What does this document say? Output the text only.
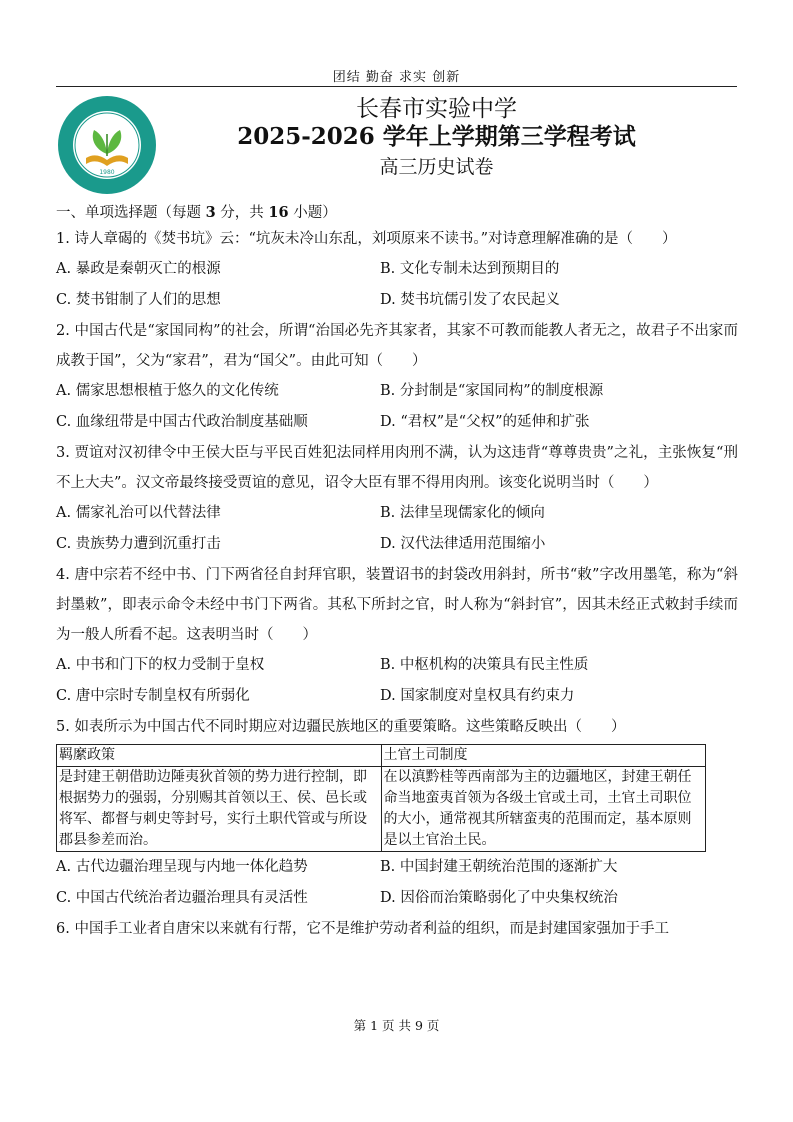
团结 勤奋 求实 创新
1980
长春市实验中学
2025-2026 学年上学期第三学程考试
高三历史试卷
一、单项选择题（每题 3 分，共 16 小题）
1. 诗人章碣的《焚书坑》云：“坑灰未冷山东乱，刘项原来不读书。”对诗意理解准确的是（　　）
A. 暴政是秦朝灭亡的根源	B. 文化专制未达到预期目的
C. 焚书钳制了人们的思想	D. 焚书坑儒引发了农民起义
2. 中国古代是“家国同构”的社会，所谓“治国必先齐其家者，其家不可教而能教人者无之，故君子不出家而成教于国”，父为“家君”，君为“国父”。由此可知（　　）
A. 儒家思想根植于悠久的文化传统	B. 分封制是“家国同构”的制度根源
C. 血缘纽带是中国古代政治制度基础顺	D. “君权”是“父权”的延伸和扩张
3. 贾谊对汉初律令中王侯大臣与平民百姓犯法同样用肉刑不满，认为这违背“尊尊贵贵”之礼，主张恢复“刑不上大夫”。汉文帝最终接受贾谊的意见，诏令大臣有罪不得用肉刑。该变化说明当时（　　）
A. 儒家礼治可以代替法律	B. 法律呈现儒家化的倾向
C. 贵族势力遭到沉重打击	D. 汉代法律适用范围缩小
4. 唐中宗若不经中书、门下两省径自封拜官职，装置诏书的封袋改用斜封，所书“敕”字改用墨笔，称为“斜封墨敕”，即表示命令未经中书门下两省。其私下所封之官，时人称为“斜封官”，因其未经正式敕封手续而为一般人所看不起。这表明当时（　　）
A. 中书和门下的权力受制于皇权	B. 中枢机构的决策具有民主性质
C. 唐中宗时专制皇权有所弱化	D. 国家制度对皇权具有约束力
5. 如表所示为中国古代不同时期应对边疆民族地区的重要策略。这些策略反映出（　　）
羁縻政策	土官土司制度
是封建王朝借助边陲夷狄首领的势力进行控制，即根据势力的强弱，分别赐其首领以王、侯、邑长或将军、都督与刺史等封号，实行土职代管或与所设郡县参差而治。	在以滇黔桂等西南部为主的边疆地区，封建王朝任命当地蛮夷首领为各级土官或土司，土官土司职位的大小，通常视其所辖蛮夷的范围而定，基本原则是以土官治土民。
A. 古代边疆治理呈现与内地一体化趋势	B. 中国封建王朝统治范围的逐渐扩大
C. 中国古代统治者边疆治理具有灵活性	D. 因俗而治策略弱化了中央集权统治
6. 中国手工业者自唐宋以来就有行帮，它不是维护劳动者利益的组织，而是封建国家强加于手工
第 1 页 共 9 页
